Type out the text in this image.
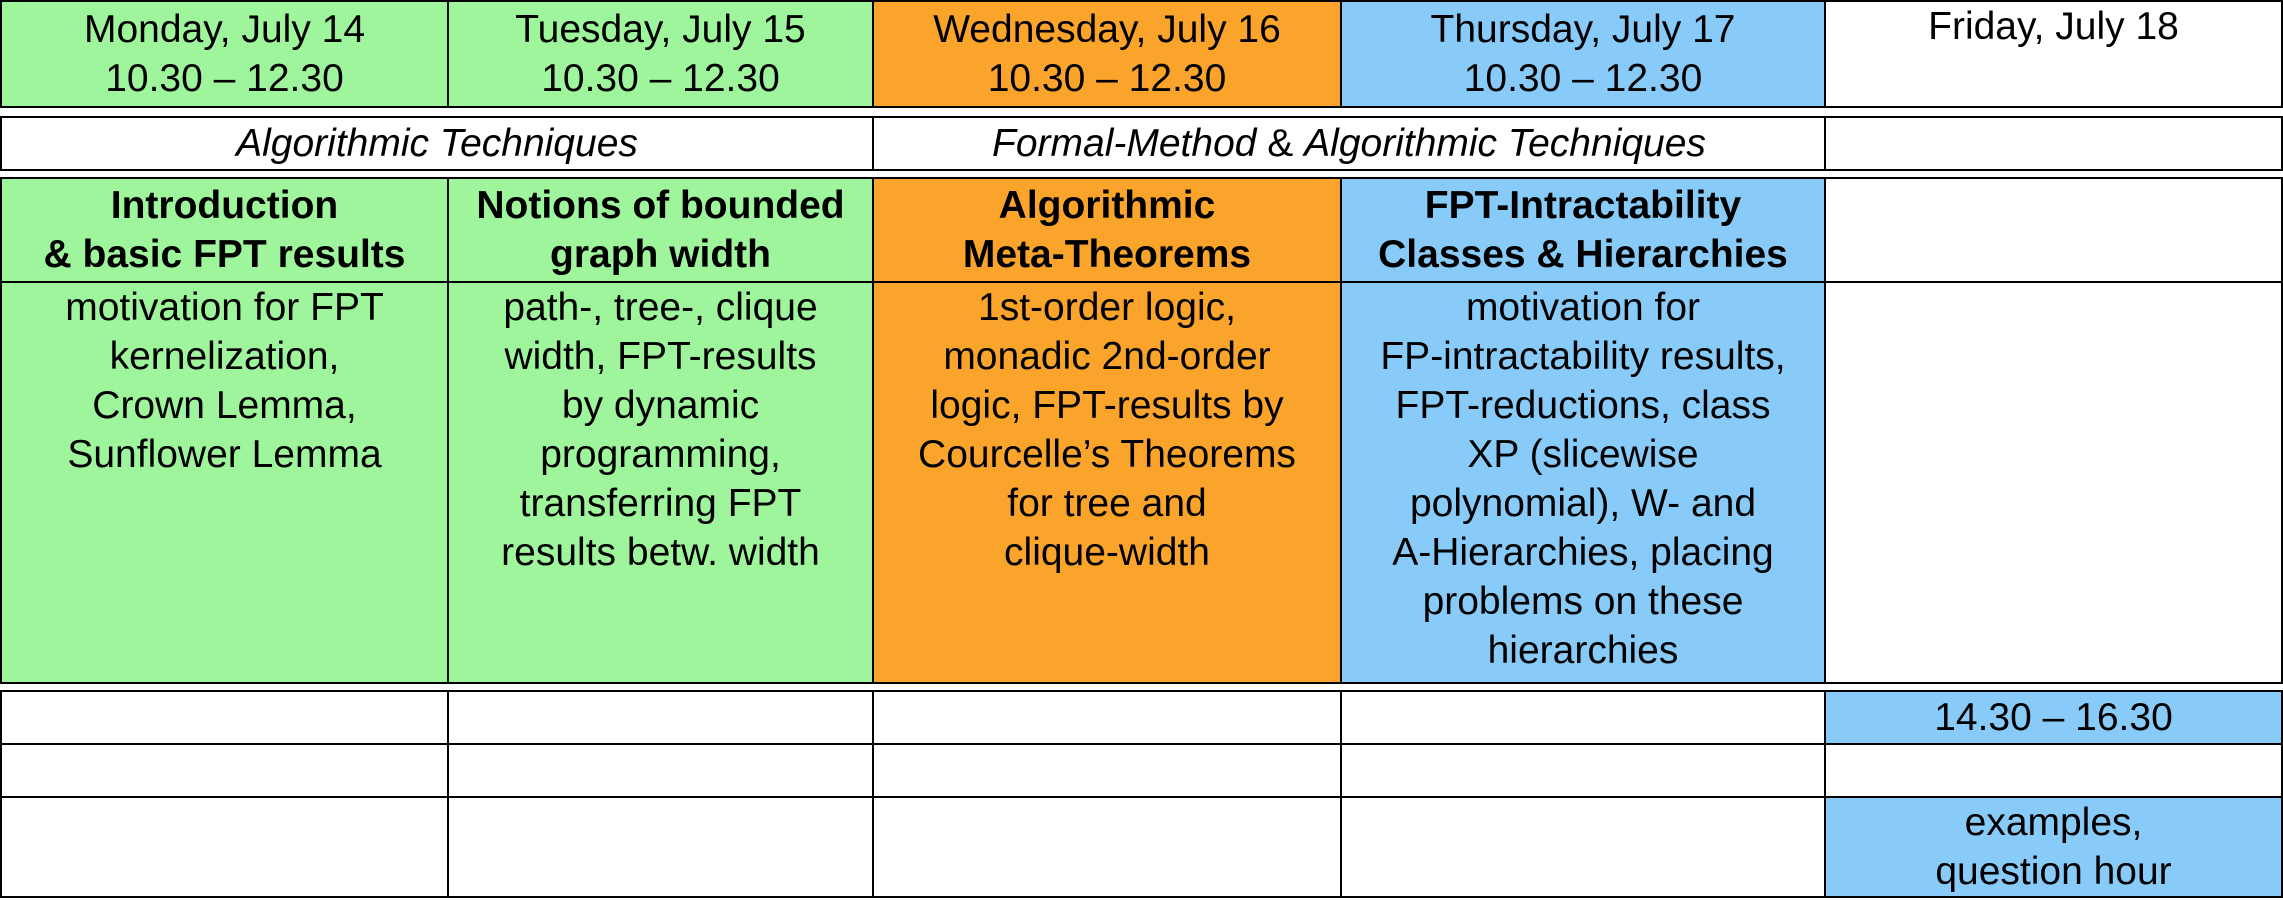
Monday, July 14
10.30 – 12.30
Tuesday, July 15
10.30 – 12.30
Wednesday, July 16
10.30 – 12.30
Thursday, July 17
10.30 – 12.30
Friday, July 18
Algorithmic Techniques	Formal-Method & Algorithmic Techniques
Introduction
& basic FPT results
Notions of bounded
graph width
Algorithmic
Meta-Theorems
FPT-Intractability
Classes & Hierarchies
motivation for FPT
kernelization,
Crown Lemma,
Sunflower Lemma
path-, tree-, clique
width, FPT-results
by dynamic
programming,
transferring FPT
results betw. width
1st-order logic,
monadic 2nd-order
logic, FPT-results by
Courcelle’s Theorems
for tree and
clique-width
motivation for
FP-intractability results,
FPT-reductions, class
XP (slicewise
polynomial), W- and
A-Hierarchies, placing
problems on these
hierarchies
14.30 – 16.30
examples,
question hour
